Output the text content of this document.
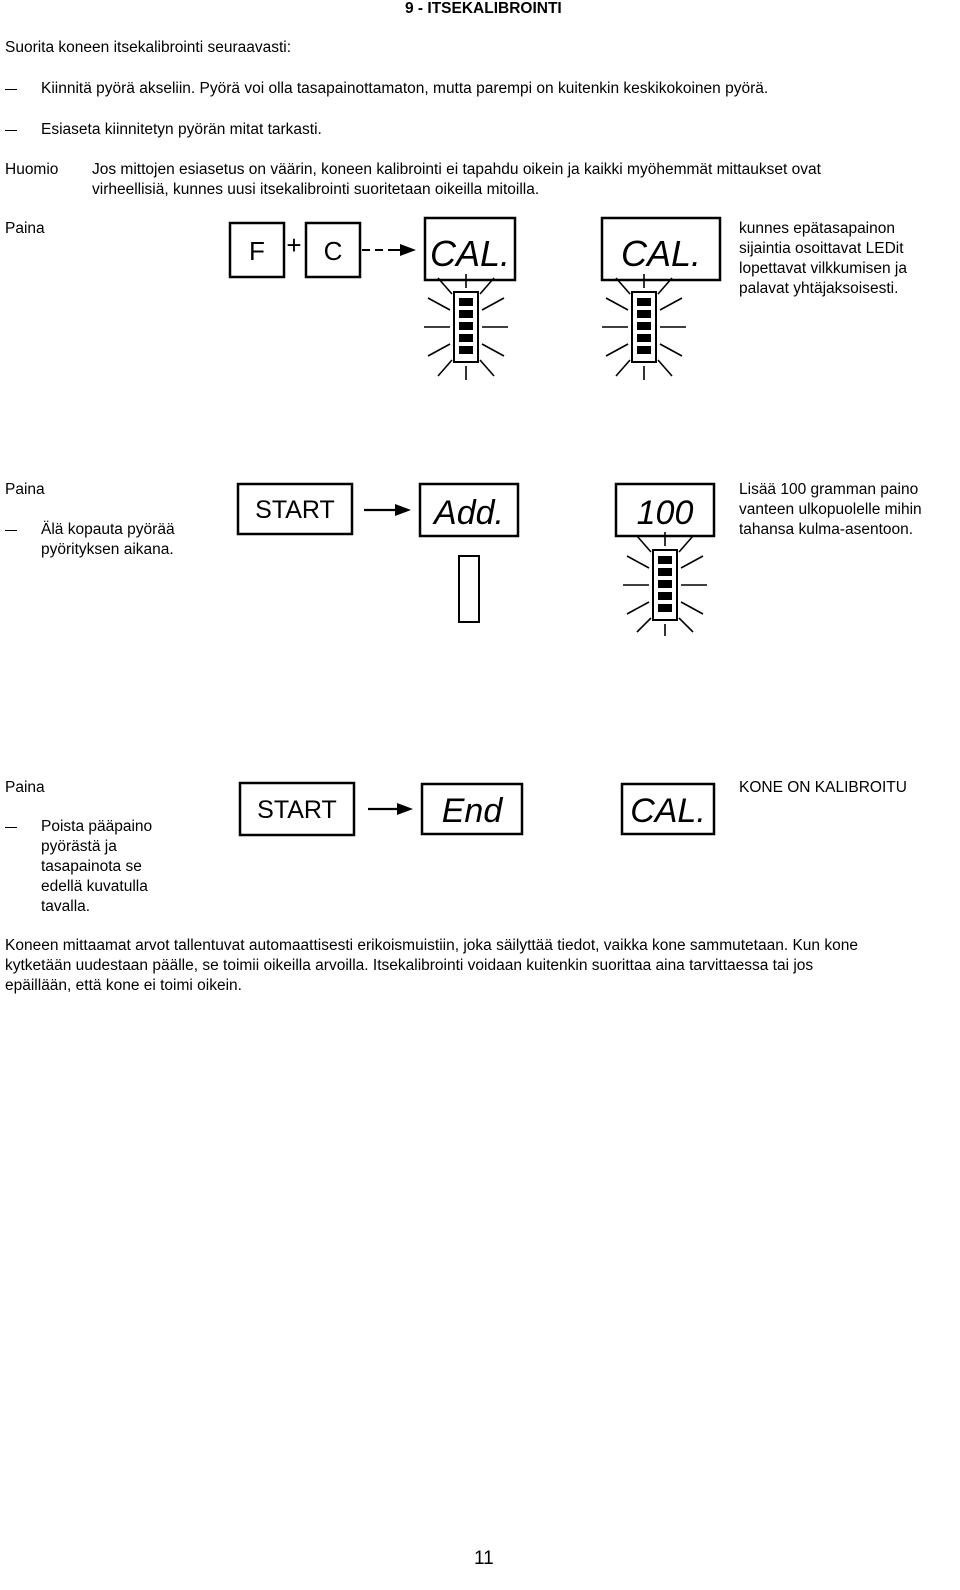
9 - ITSEKALIBROINTI
Suorita koneen itsekalibrointi seuraavasti:
Kiinnitä pyörä akseliin. Pyörä voi olla tasapainottamaton, mutta parempi on kuitenkin keskikokoinen pyörä.
Esiaseta kiinnitetyn pyörän mitat tarkasti.
Huomio Jos mittojen esiasetus on väärin, koneen kalibrointi ei tapahdu oikein ja kaikki myöhemmät mittaukset ovat
virheellisiä, kunnes uusi itsekalibrointi suoritetaan oikeilla mitoilla.
Paina
F + C CAL.	CAL.
kunnes epätasapainon
sijaintia osoittavat LEDit
lopettavat vilkkumisen ja
palavat yhtäjaksoisesti.
Paina
Älä kopauta pyörää
pyörityksen aikana.
START	Add.	100
Lisää 100 gramman paino
vanteen ulkopuolelle mihin
tahansa kulma-asentoon.
Paina
Poista pääpaino
pyörästä ja
tasapainota se
edellä kuvatulla
tavalla.
START	End	CAL.
KONE ON KALIBROITU
Koneen mittaamat arvot tallentuvat automaattisesti erikoismuistiin, joka säilyttää tiedot, vaikka kone sammutetaan. Kun kone
kytketään uudestaan päälle, se toimii oikeilla arvoilla. Itsekalibrointi voidaan kuitenkin suorittaa aina tarvittaessa tai jos
epäillään, että kone ei toimi oikein.
11
